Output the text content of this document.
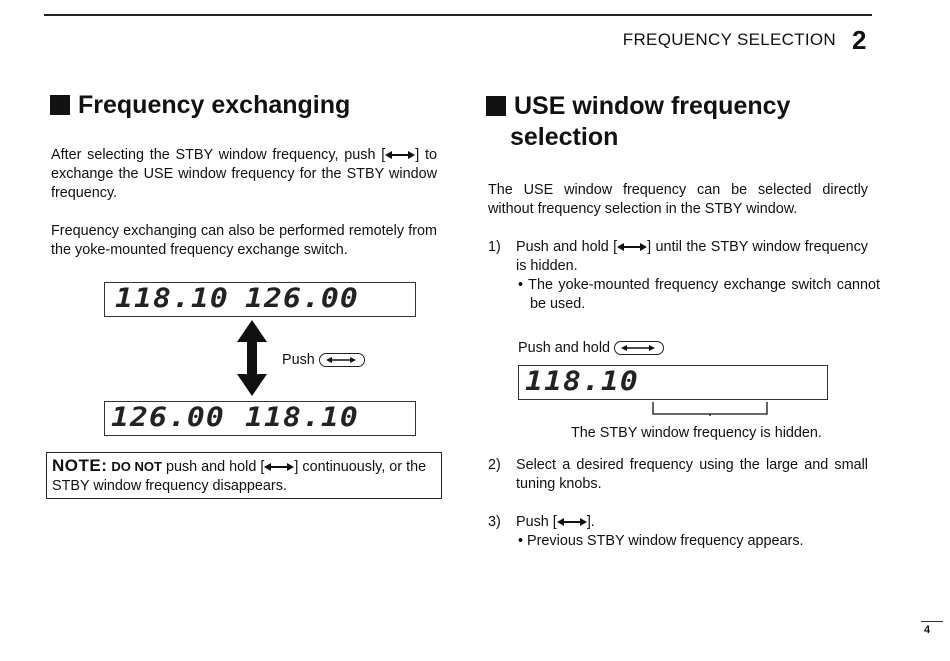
FREQUENCY SELECTION 2
Frequency exchanging
After selecting the STBY window frequency, push [ ] to exchange the USE window frequency for the STBY window frequency.
Frequency exchanging can also be performed remotely from the yoke-mounted frequency exchange switch.
118.10 126.00
Push
126.00 118.10
NOTE: DO NOT push and hold [ ] continuously, or the STBY window frequency disappears.
USE window frequency
selection
The USE window frequency can be selected directly without frequency selection in the STBY window.
1) Push and hold [ ] until the STBY window frequency is hidden.
• The yoke-mounted frequency exchange switch cannot be used.
Push and hold
118.10
The STBY window frequency is hidden.
2) Select a desired frequency using the large and small tuning knobs.
3) Push [ ].
• Previous STBY window frequency appears.
4
